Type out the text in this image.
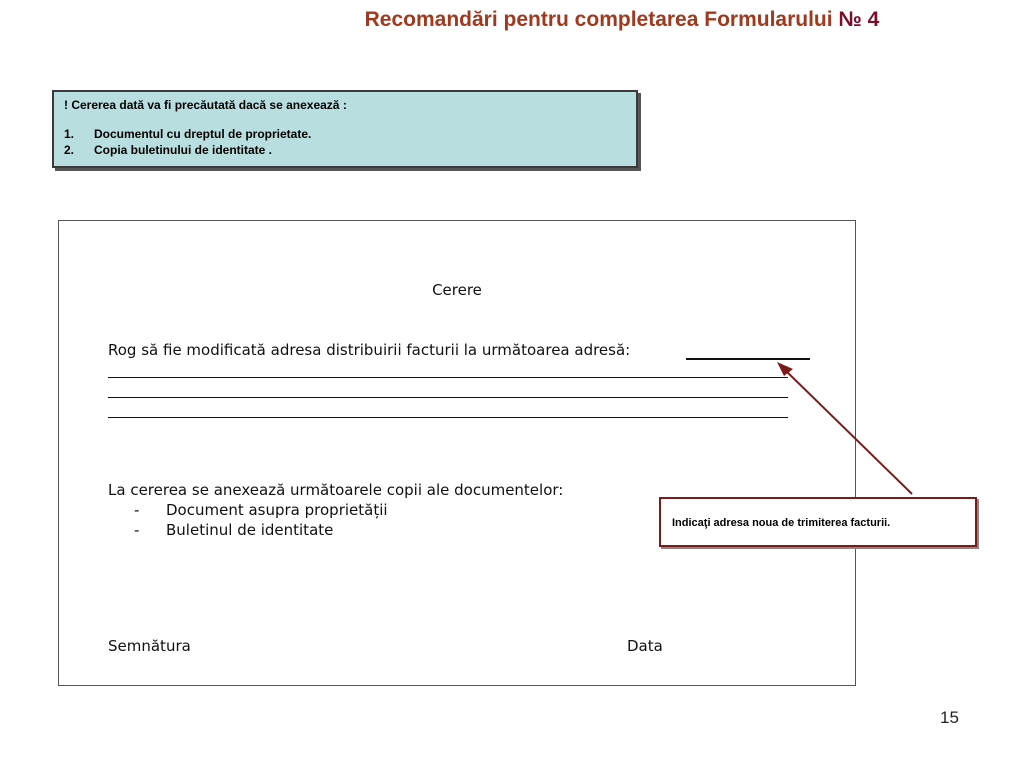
Recomandări pentru completarea Formularului № 4
! Cererea dată va fi precăutată dacă se anexează :
1.	Documentul cu dreptul de proprietate.
2.	Copia buletinului de identitate .
Cerere
Rog să fie modificată adresa distribuirii facturii la următoarea adresă:
La cererea se anexează următoarele copii ale documentelor:
- Document asupra proprietății
- Buletinul de identitate
Semnătura	Data
Indicaţi adresa noua de trimiterea facturii.
15
